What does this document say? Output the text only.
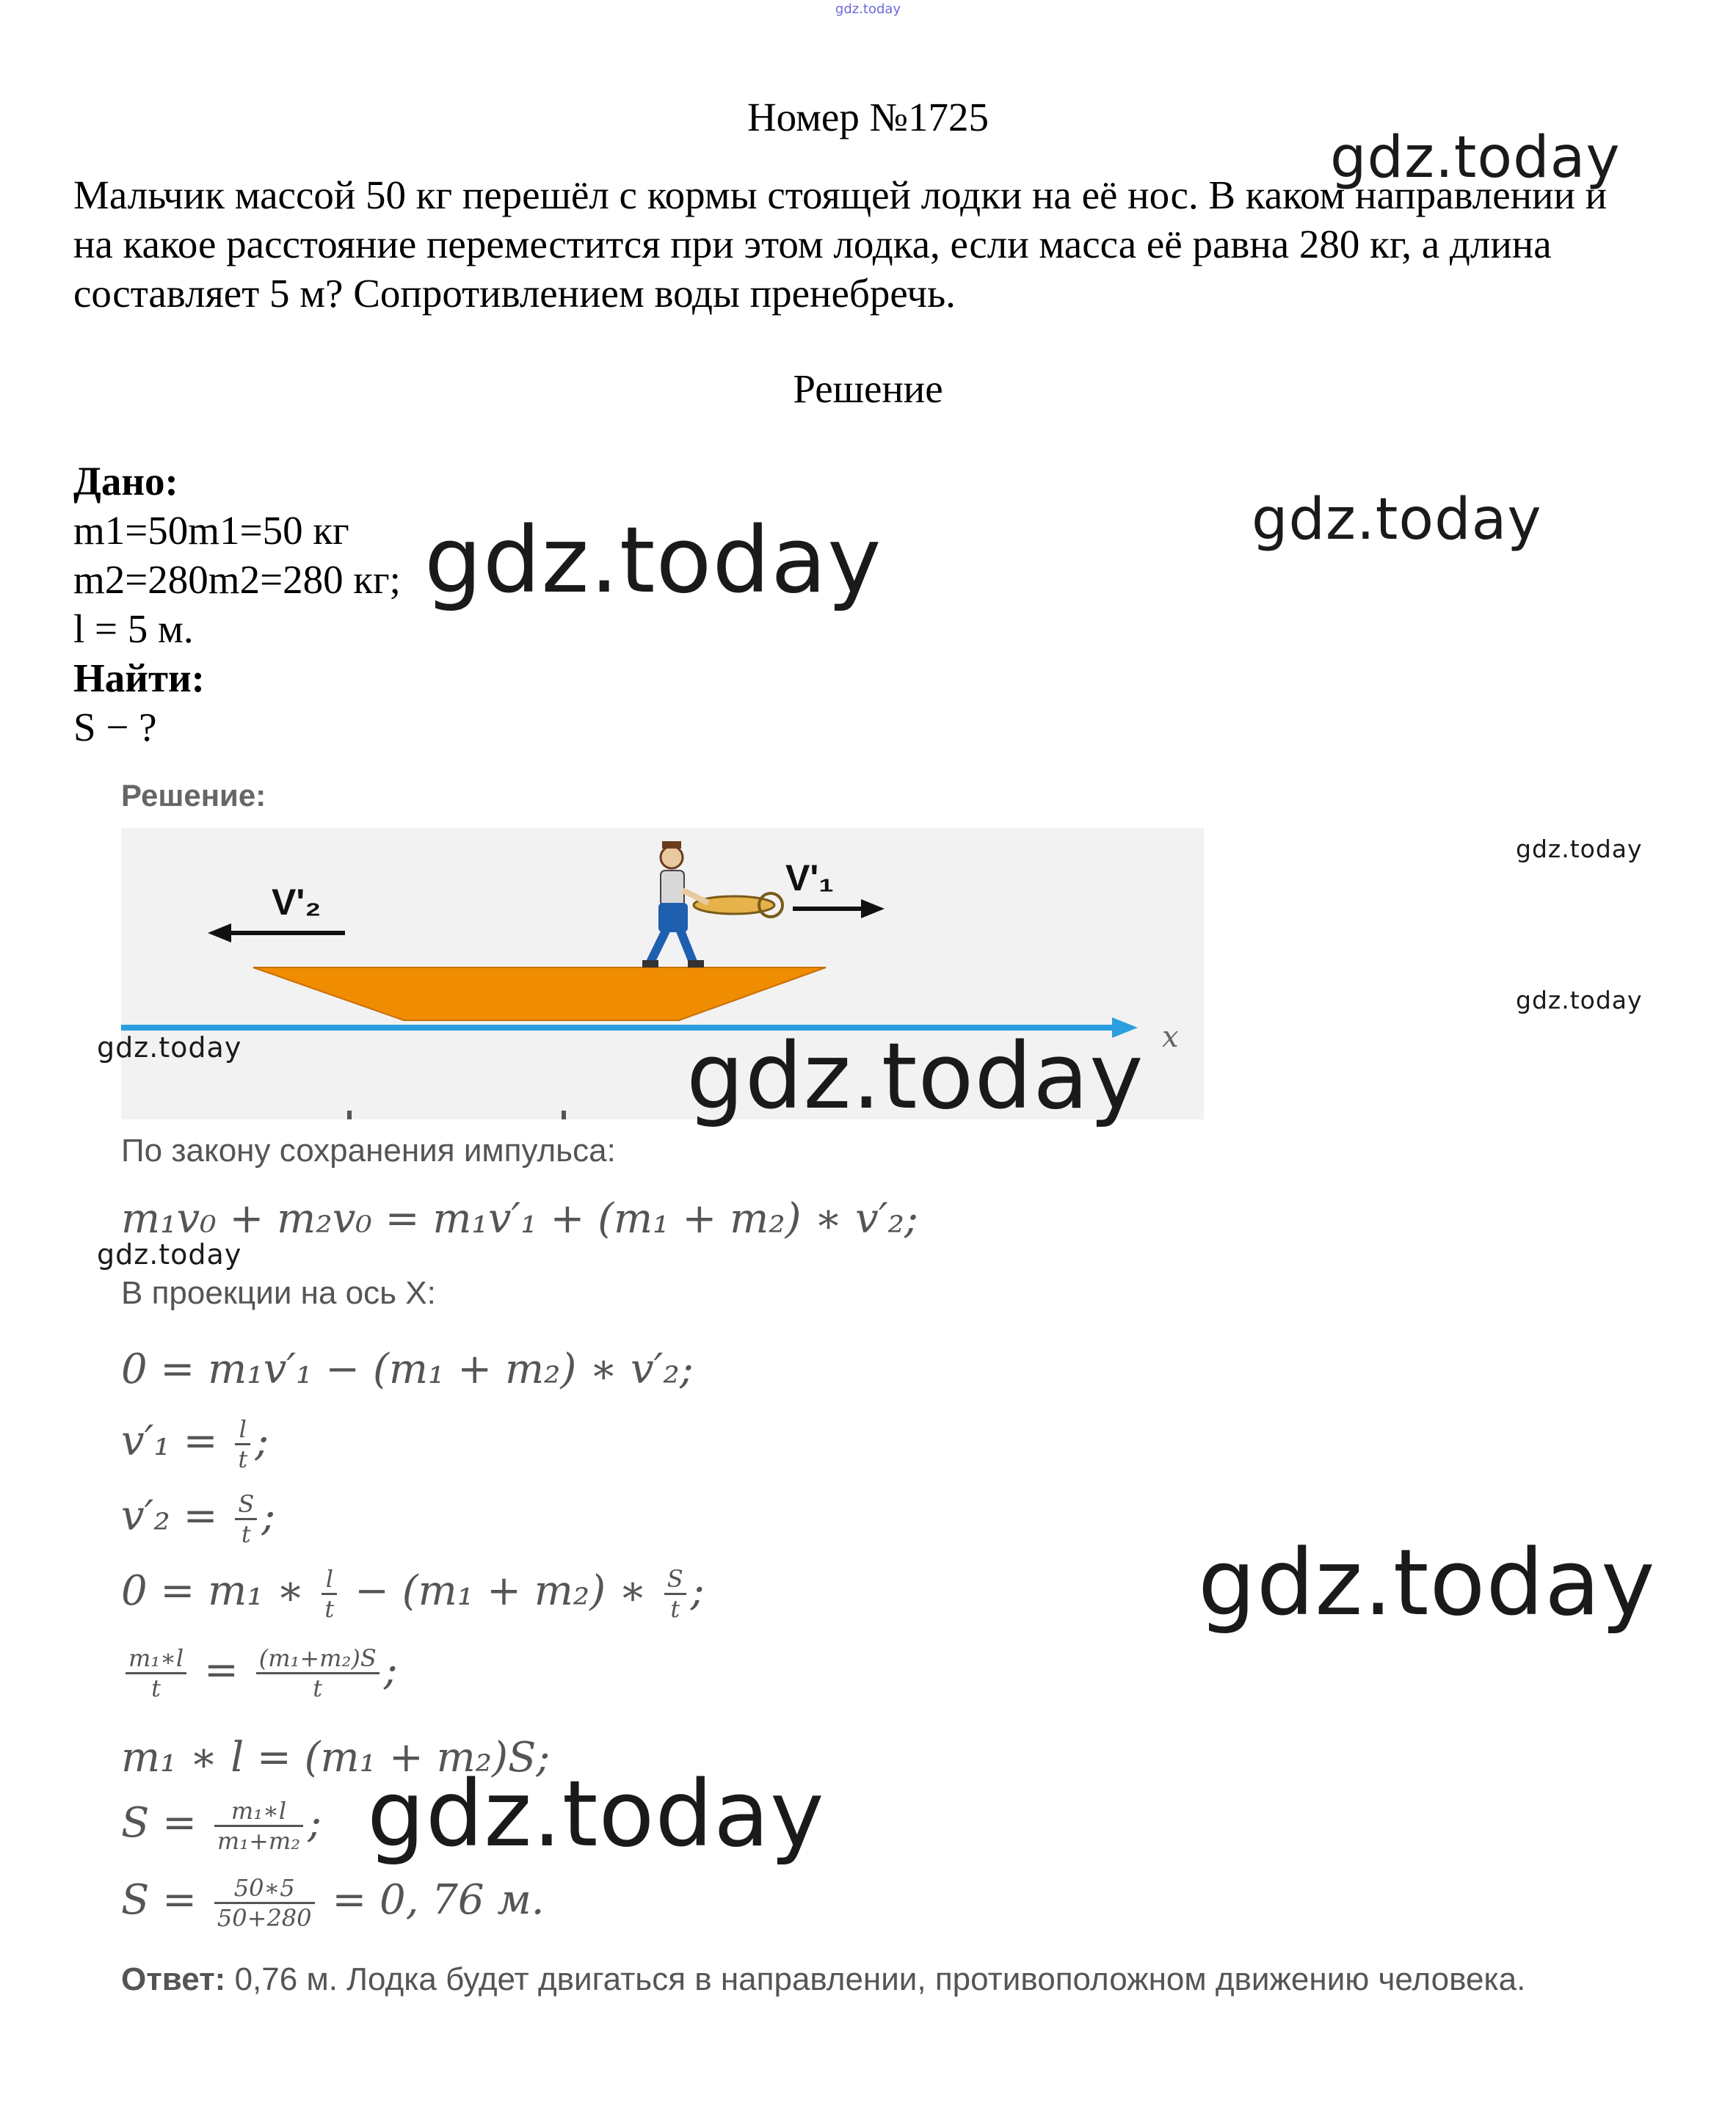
gdz.today
Номер №1725
Мальчик массой 50 кг перешёл с кормы стоящей лодки на её нос. В каком направлении и на какое расстояние переместится при этом лодка, если масса её равна 280 кг, а длина составляет 5 м? Сопротивлением воды пренебречь.
Решение
Дано:
m1=50m1=50 кг
m2=280m2=280 кг;
l = 5 м.
Найти:
S − ?
Решение:
x
V'₂
V'₁
По закону сохранения импульса:
m₁v₀ + m₂v₀ = m₁v′₁ + (m₁ + m₂) ∗ v′₂;
В проекции на ось X:
0 = m₁v′₁ − (m₁ + m₂) ∗ v′₂;
$v'_1 = \frac{l}{t}$ ;
$v'_2 = \frac{S}{t}$ ;
0 = m₁ ∗ $\frac{l}{t} - (m_1 + m_2)$ ∗ $\frac{S}{t}$ ;
$\frac{\text{m₁∗l}}{t} = \frac{\text{(m₁+m₂)S}}{t}$ ;
m₁ ∗ l = (m₁ + m₂)S;
$S = \frac{\text{m₁∗l}}{\text{m₁+m₂}}$ ;
$S = \frac{50∗5}{50+280} = 0$, 76 м.
Ответ: 0,76 м. Лодка будет двигаться в направлении, противоположном движению человека.
gdz.today
gdz.today
gdz.today
gdz.today
gdz.today
gdz.today	gdz.today
gdz.today
gdz.today
gdz.today
